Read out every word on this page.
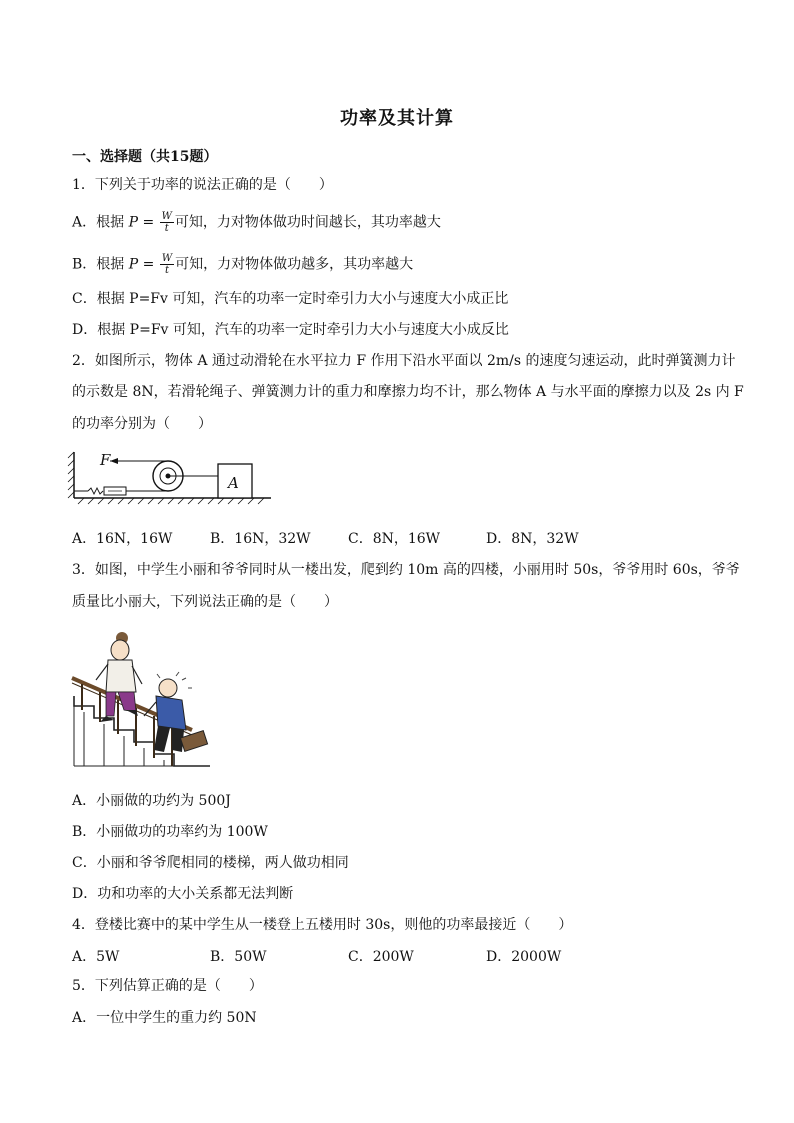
功率及其计算
一、选择题（共15题）
1．下列关于功率的说法正确的是（　　）
A．根据 $P = \frac{W}{t}$ 可知，力对物体做功时间越长，其功率越大
B．根据 $P = \frac{W}{t}$ 可知，力对物体做功越多，其功率越大
C．根据 P=Fv 可知，汽车的功率一定时牵引力大小与速度大小成正比
D．根据 P=Fv 可知，汽车的功率一定时牵引力大小与速度大小成反比
2．如图所示，物体 A 通过动滑轮在水平拉力 F 作用下沿水平面以 2m/s 的速度匀速运动，此时弹簧测力计
的示数是 8N，若滑轮绳子、弹簧测力计的重力和摩擦力均不计，那么物体 A 与水平面的摩擦力以及 2s 内 F
的功率分别为（　　）
F
A
A．16N，16W	B．16N，32W	C．8N，16W	D．8N，32W
3．如图，中学生小丽和爷爷同时从一楼出发，爬到约 10m 高的四楼，小丽用时 50s，爷爷用时 60s，爷爷
质量比小丽大，下列说法正确的是（　　）
A．小丽做的功约为 500J
B．小丽做功的功率约为 100W
C．小丽和爷爷爬相同的楼梯，两人做功相同
D．功和功率的大小关系都无法判断
4．登楼比赛中的某中学生从一楼登上五楼用时 30s，则他的功率最接近（　　）
A．5W	B．50W	C．200W	D．2000W
5．下列估算正确的是（　　）
A．一位中学生的重力约 50N
